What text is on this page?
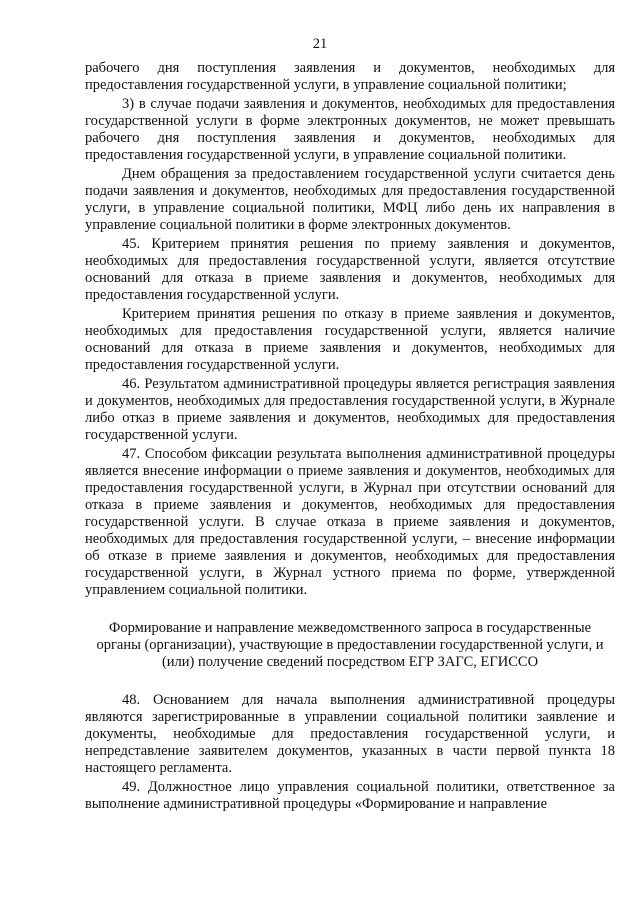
21

рабочего дня поступления заявления и документов, необходимых для предоставления государственной услуги, в управление социальной политики;

3) в случае подачи заявления и документов, необходимых для предоставления государственной услуги в форме электронных документов, не может превышать рабочего дня поступления заявления и документов, необходимых для предоставления государственной услуги, в управление социальной политики.

Днем обращения за предоставлением государственной услуги считается день подачи заявления и документов, необходимых для предоставления государственной услуги, в управление социальной политики, МФЦ либо день их направления в управление социальной политики в форме электронных документов.

45. Критерием принятия решения по приему заявления и документов, необходимых для предоставления государственной услуги, является отсутствие оснований для отказа в приеме заявления и документов, необходимых для предоставления государственной услуги.

Критерием принятия решения по отказу в приеме заявления и документов, необходимых для предоставления государственной услуги, является наличие оснований для отказа в приеме заявления и документов, необходимых для предоставления государственной услуги.

46. Результатом административной процедуры является регистрация заявления и документов, необходимых для предоставления государственной услуги, в Журнале либо отказ в приеме заявления и документов, необходимых для предоставления государственной услуги.

47. Способом фиксации результата выполнения административной процедуры является внесение информации о приеме заявления и документов, необходимых для предоставления государственной услуги, в Журнал при отсутствии оснований для отказа в приеме заявления и документов, необходимых для предоставления государственной услуги. В случае отказа в приеме заявления и документов, необходимых для предоставления государственной услуги, – внесение информации об отказе в приеме заявления и документов, необходимых для предоставления государственной услуги, в Журнал устного приема по форме, утвержденной управлением социальной политики.

Формирование и направление межведомственного запроса в государственные органы (организации), участвующие в предоставлении государственной услуги, и (или) получение сведений посредством ЕГР ЗАГС, ЕГИССО

48. Основанием для начала выполнения административной процедуры являются зарегистрированные в управлении социальной политики заявление и документы, необходимые для предоставления государственной услуги, и непредставление заявителем документов, указанных в части первой пункта 18 настоящего регламента.

49. Должностное лицо управления социальной политики, ответственное за выполнение административной процедуры «Формирование и направление
